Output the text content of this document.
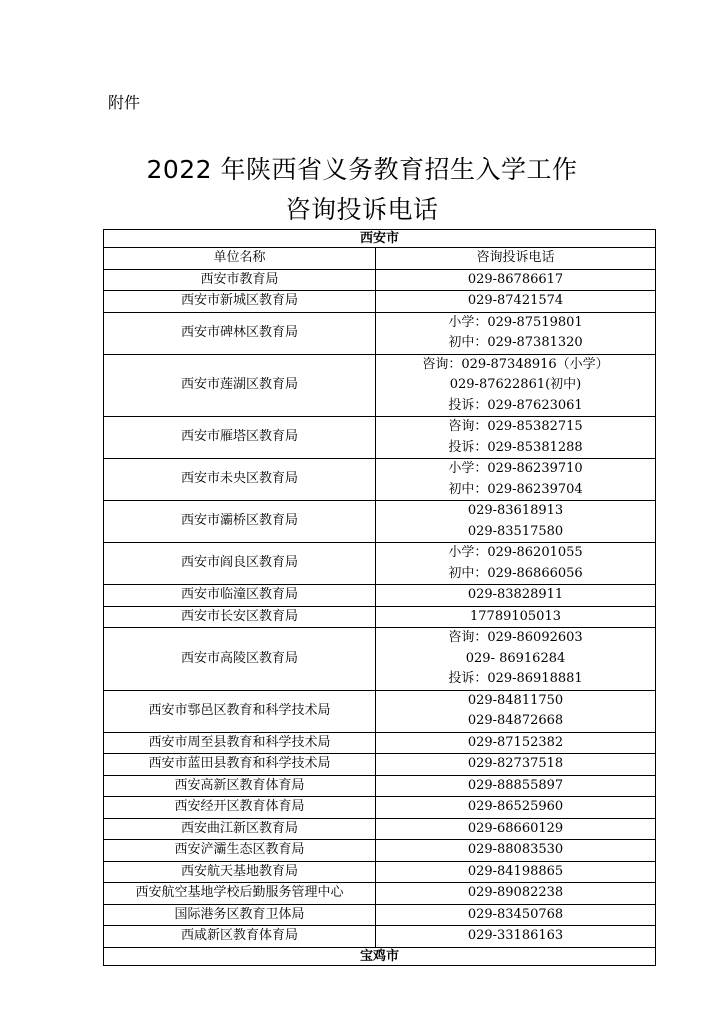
附件
2022 年陕西省义务教育招生入学工作
咨询投诉电话
西安市	
单位名称	咨询投诉电话
西安市教育局	029-86786617

西安市新城区教育局	029-87421574

西安市碑林区教育局	小学：029-87519801
初中：029-87381320

西安市莲湖区教育局	咨询：029-87348916（小学）
029-87622861(初中)
投诉：029-87623061

西安市雁塔区教育局	咨询：029-85382715
投诉：029-85381288

西安市未央区教育局	小学：029-86239710
初中：029-86239704

西安市灞桥区教育局	029-83618913
029-83517580

西安市阎良区教育局	小学：029-86201055
初中：029-86866056

西安市临潼区教育局	029-83828911

西安市长安区教育局	17789105013

西安市高陵区教育局	咨询：029-86092603
029- 86916284
投诉：029-86918881

西安市鄠邑区教育和科学技术局	029-84811750
029-84872668

西安市周至县教育和科学技术局	029-87152382

西安市蓝田县教育和科学技术局	029-82737518

西安高新区教育体育局	029-88855897

西安经开区教育体育局	029-86525960

西安曲江新区教育局	029-68660129

西安浐灞生态区教育局	029-88083530

西安航天基地教育局	029-84198865

西安航空基地学校后勤服务管理中心	029-89082238

国际港务区教育卫体局	029-83450768

西咸新区教育体育局	029-33186163

宝鸡市	
